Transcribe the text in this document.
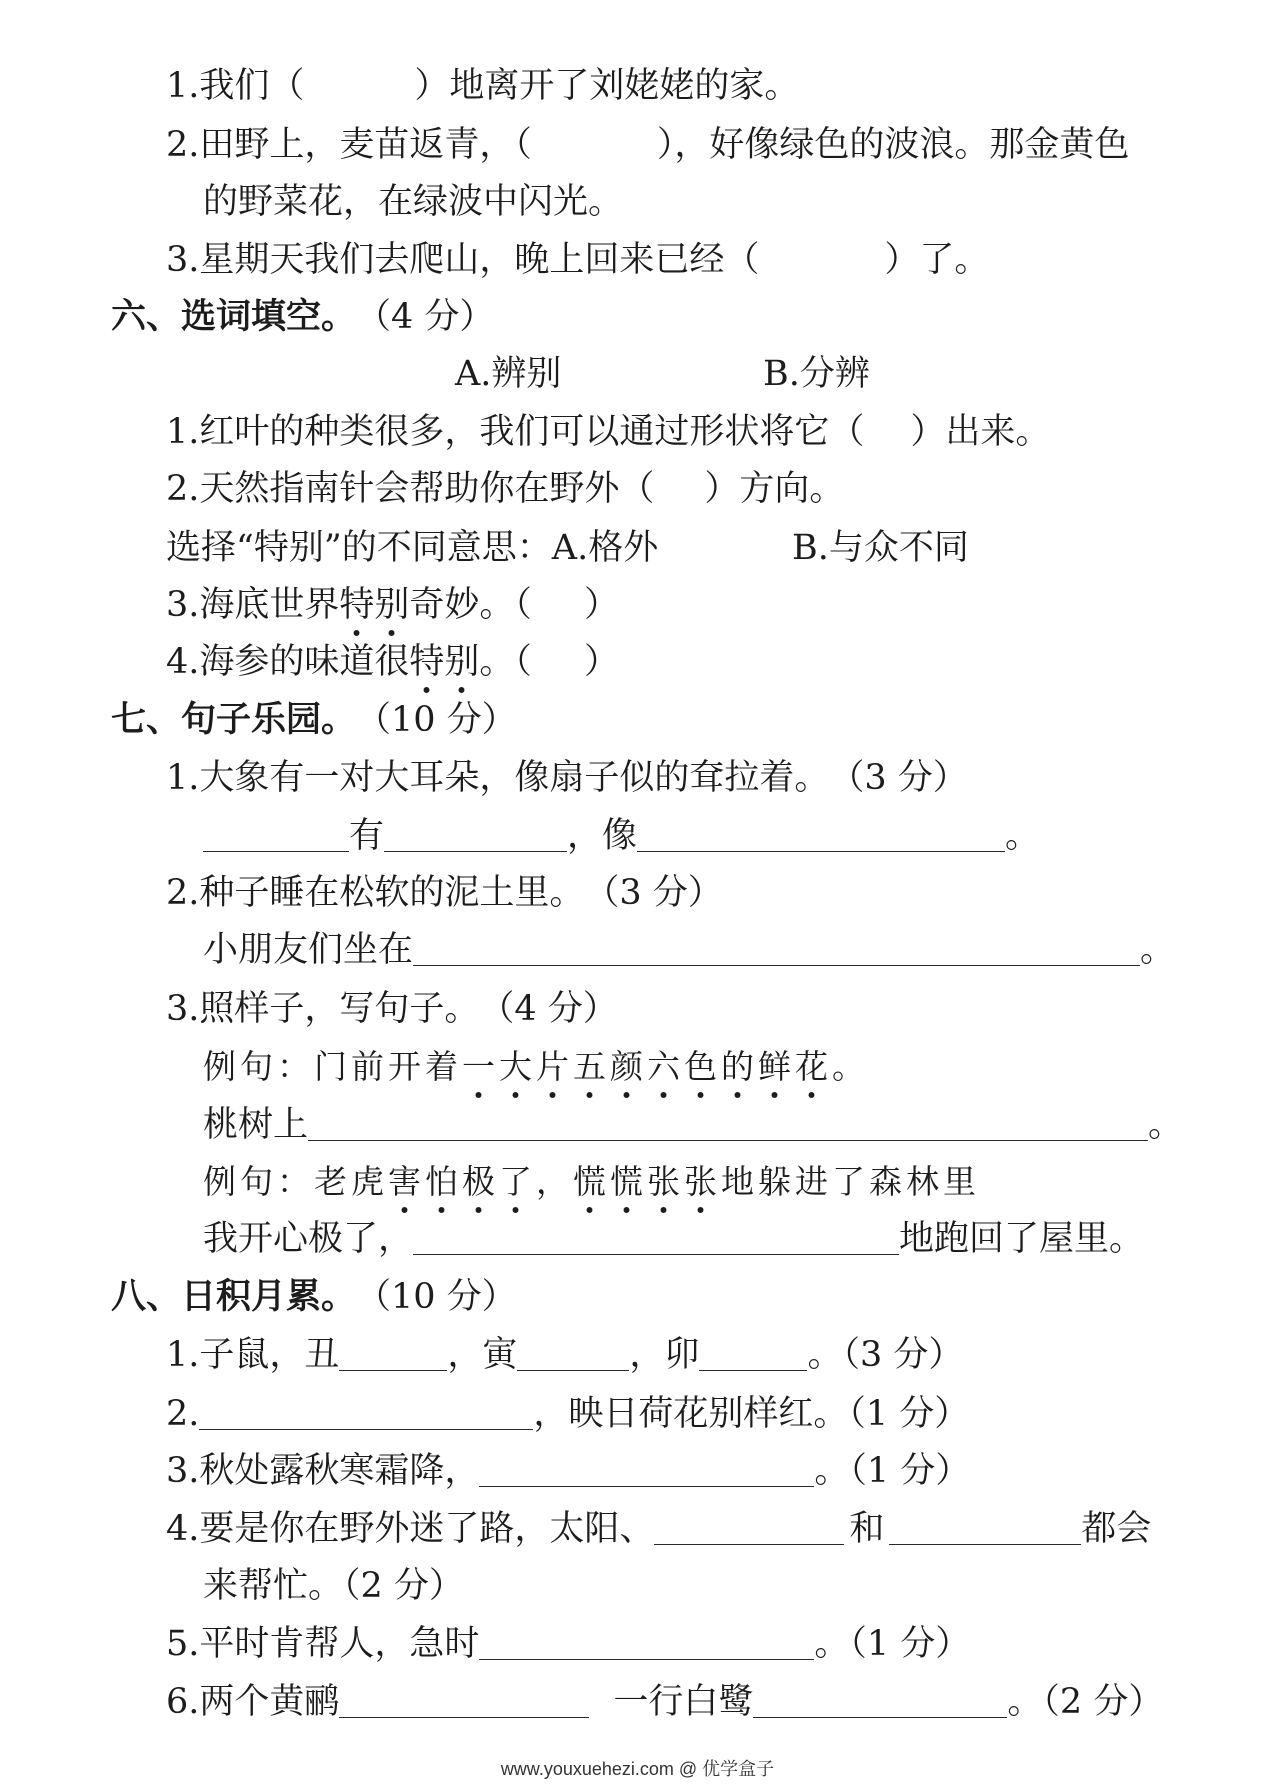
1.我们（	）地离开了刘姥姥的家。
2.田野上，麦苗返青，（	），好像绿色的波浪。那金黄色
的野菜花，在绿波中闪光。
3.星期天我们去爬山，晚上回来已经（	）了。
六、选词填空。 （4 分）
A.辨别	B.分辨
1.红叶的种类很多，我们可以通过形状将它（ ）出来。
2.天然指南针会帮助你在野外（ ）方向。
选择“特别”的不同意思： A.格外	B.与众不同
3.海底世界 特别 奇妙。（ ）
4.海参的味道很 特别 。（ ）
七、句子乐园。 （10 分）
1.大象有一对大耳朵，像扇子似的耷拉着。 （3 分）
有	，像	。
2.种子睡在松软的泥土里。 （3 分）
小朋友们坐在	。
3.照样子，写句子。 （4 分）
例句： 门前开着 一大片五颜六色的鲜花 。
桃树上	。
例句： 老虎 害怕极了 ， 慌慌张张 地躲进了森林里
我开心极了，	地跑回了屋里。
八、日积月累。 （10 分）
1.子鼠，丑	，寅	，卯	。（3 分）
2.	，映日荷花别样红。（1 分）
3.秋处露秋寒霜降，	。（1 分）
4.要是你在野外迷了路，太阳、	和	都会
来帮忙。（2 分）
5.平时肯帮人，急时	。（1 分）
6.两个黄鹂	一行白鹭	。（2 分）
www.youxuehezi.com @ 优学盒子
